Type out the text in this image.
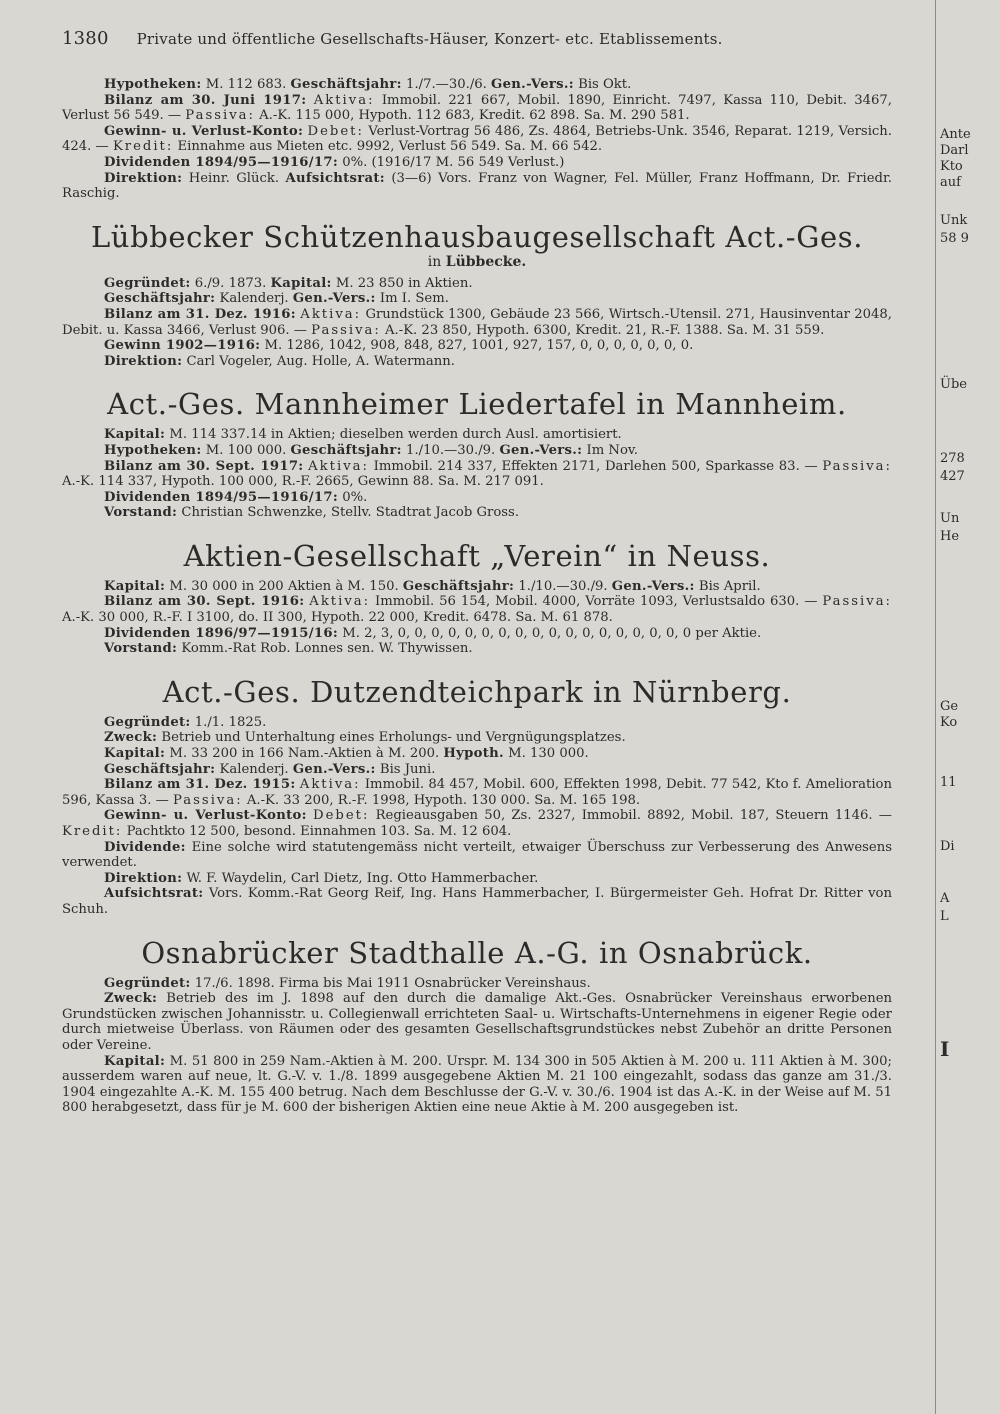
1380 Private und öffentliche Gesellschafts-Häuser, Konzert- etc. Etablissements.

Hypotheken: M. 112 683. Geschäftsjahr: 1./7.—30./6. Gen.-Vers.: Bis Okt.

Bilanz am 30. Juni 1917: Aktiva: Immobil. 221 667, Mobil. 1890, Einricht. 7497, Kassa 110, Debit. 3467, Verlust 56 549. — Passiva: A.-K. 115 000, Hypoth. 112 683, Kredit. 62 898. Sa. M. 290 581.

Gewinn- u. Verlust-Konto: Debet: Verlust-Vortrag 56 486, Zs. 4864, Betriebs-Unk. 3546, Reparat. 1219, Versich. 424. — Kredit: Einnahme aus Mieten etc. 9992, Verlust 56 549. Sa. M. 66 542.

Dividenden 1894/95—1916/17: 0%. (1916/17 M. 56 549 Verlust.)

Direktion: Heinr. Glück. Aufsichtsrat: (3—6) Vors. Franz von Wagner, Fel. Müller, Franz Hoffmann, Dr. Friedr. Raschig.

Lübbecker Schützenhausbaugesellschaft Act.-Ges.
in Lübbecke.

Gegründet: 6./9. 1873. Kapital: M. 23 850 in Aktien.

Geschäftsjahr: Kalenderj. Gen.-Vers.: Im I. Sem.

Bilanz am 31. Dez. 1916: Aktiva: Grundstück 1300, Gebäude 23 566, Wirtsch.-Utensil. 271, Hausinventar 2048, Debit. u. Kassa 3466, Verlust 906. — Passiva: A.-K. 23 850, Hypoth. 6300, Kredit. 21, R.-F. 1388. Sa. M. 31 559.

Gewinn 1902—1916: M. 1286, 1042, 908, 848, 827, 1001, 927, 157, 0, 0, 0, 0, 0, 0, 0.

Direktion: Carl Vogeler, Aug. Holle, A. Watermann.

Act.-Ges. Mannheimer Liedertafel in Mannheim.

Kapital: M. 114 337.14 in Aktien; dieselben werden durch Ausl. amortisiert.

Hypotheken: M. 100 000. Geschäftsjahr: 1./10.—30./9. Gen.-Vers.: Im Nov.

Bilanz am 30. Sept. 1917: Aktiva: Immobil. 214 337, Effekten 2171, Darlehen 500, Sparkasse 83. — Passiva: A.-K. 114 337, Hypoth. 100 000, R.-F. 2665, Gewinn 88. Sa. M. 217 091.

Dividenden 1894/95—1916/17: 0%.

Vorstand: Christian Schwenzke, Stellv. Stadtrat Jacob Gross.

Aktien-Gesellschaft „Verein“ in Neuss.

Kapital: M. 30 000 in 200 Aktien à M. 150. Geschäftsjahr: 1./10.—30./9. Gen.-Vers.: Bis April.

Bilanz am 30. Sept. 1916: Aktiva: Immobil. 56 154, Mobil. 4000, Vorräte 1093, Verlustsaldo 630. — Passiva: A.-K. 30 000, R.-F. I 3100, do. II 300, Hypoth. 22 000, Kredit. 6478. Sa. M. 61 878.

Dividenden 1896/97—1915/16: M. 2, 3, 0, 0, 0, 0, 0, 0, 0, 0, 0, 0, 0, 0, 0, 0, 0, 0, 0, 0 per Aktie.

Vorstand: Komm.-Rat Rob. Lonnes sen. W. Thywissen.

Act.-Ges. Dutzendteichpark in Nürnberg.

Gegründet: 1./1. 1825.

Zweck: Betrieb und Unterhaltung eines Erholungs- und Vergnügungsplatzes.

Kapital: M. 33 200 in 166 Nam.-Aktien à M. 200. Hypoth. M. 130 000.

Geschäftsjahr: Kalenderj. Gen.-Vers.: Bis Juni.

Bilanz am 31. Dez. 1915: Aktiva: Immobil. 84 457, Mobil. 600, Effekten 1998, Debit. 77 542, Kto f. Amelioration 596, Kassa 3. — Passiva: A.-K. 33 200, R.-F. 1998, Hypoth. 130 000. Sa. M. 165 198.

Gewinn- u. Verlust-Konto: Debet: Regieausgaben 50, Zs. 2327, Immobil. 8892, Mobil. 187, Steuern 1146. — Kredit: Pachtkto 12 500, besond. Einnahmen 103. Sa. M. 12 604.

Dividende: Eine solche wird statutengemäss nicht verteilt, etwaiger Überschuss zur Verbesserung des Anwesens verwendet.

Direktion: W. F. Waydelin, Carl Dietz, Ing. Otto Hammerbacher.

Aufsichtsrat: Vors. Komm.-Rat Georg Reif, Ing. Hans Hammerbacher, I. Bürgermeister Geh. Hofrat Dr. Ritter von Schuh.

Osnabrücker Stadthalle A.-G. in Osnabrück.

Gegründet: 17./6. 1898. Firma bis Mai 1911 Osnabrücker Vereinshaus.

Zweck: Betrieb des im J. 1898 auf den durch die damalige Akt.-Ges. Osnabrücker Vereinshaus erworbenen Grundstücken zwischen Johannisstr. u. Collegienwall errichteten Saal- u. Wirtschafts-Unternehmens in eigener Regie oder durch mietweise Überlass. von Räumen oder des gesamten Gesellschaftsgrundstückes nebst Zubehör an dritte Personen oder Vereine.

Kapital: M. 51 800 in 259 Nam.-Aktien à M. 200. Urspr. M. 134 300 in 505 Aktien à M. 200 u. 111 Aktien à M. 300; ausserdem waren auf neue, lt. G.-V. v. 1./8. 1899 ausgegebene Aktien M. 21 100 eingezahlt, sodass das ganze am 31./3. 1904 eingezahlte A.-K. M. 155 400 betrug. Nach dem Beschlusse der G.-V. v. 30./6. 1904 ist das A.-K. in der Weise auf M. 51 800 herabgesetzt, dass für je M. 600 der bisherigen Aktien eine neue Aktie à M. 200 ausgegeben ist.

Ante
Darl
Kto
auf
Unk
58 9
Übe
278
427
Un
He
Ge
Ko
11
Di
A
L
I
